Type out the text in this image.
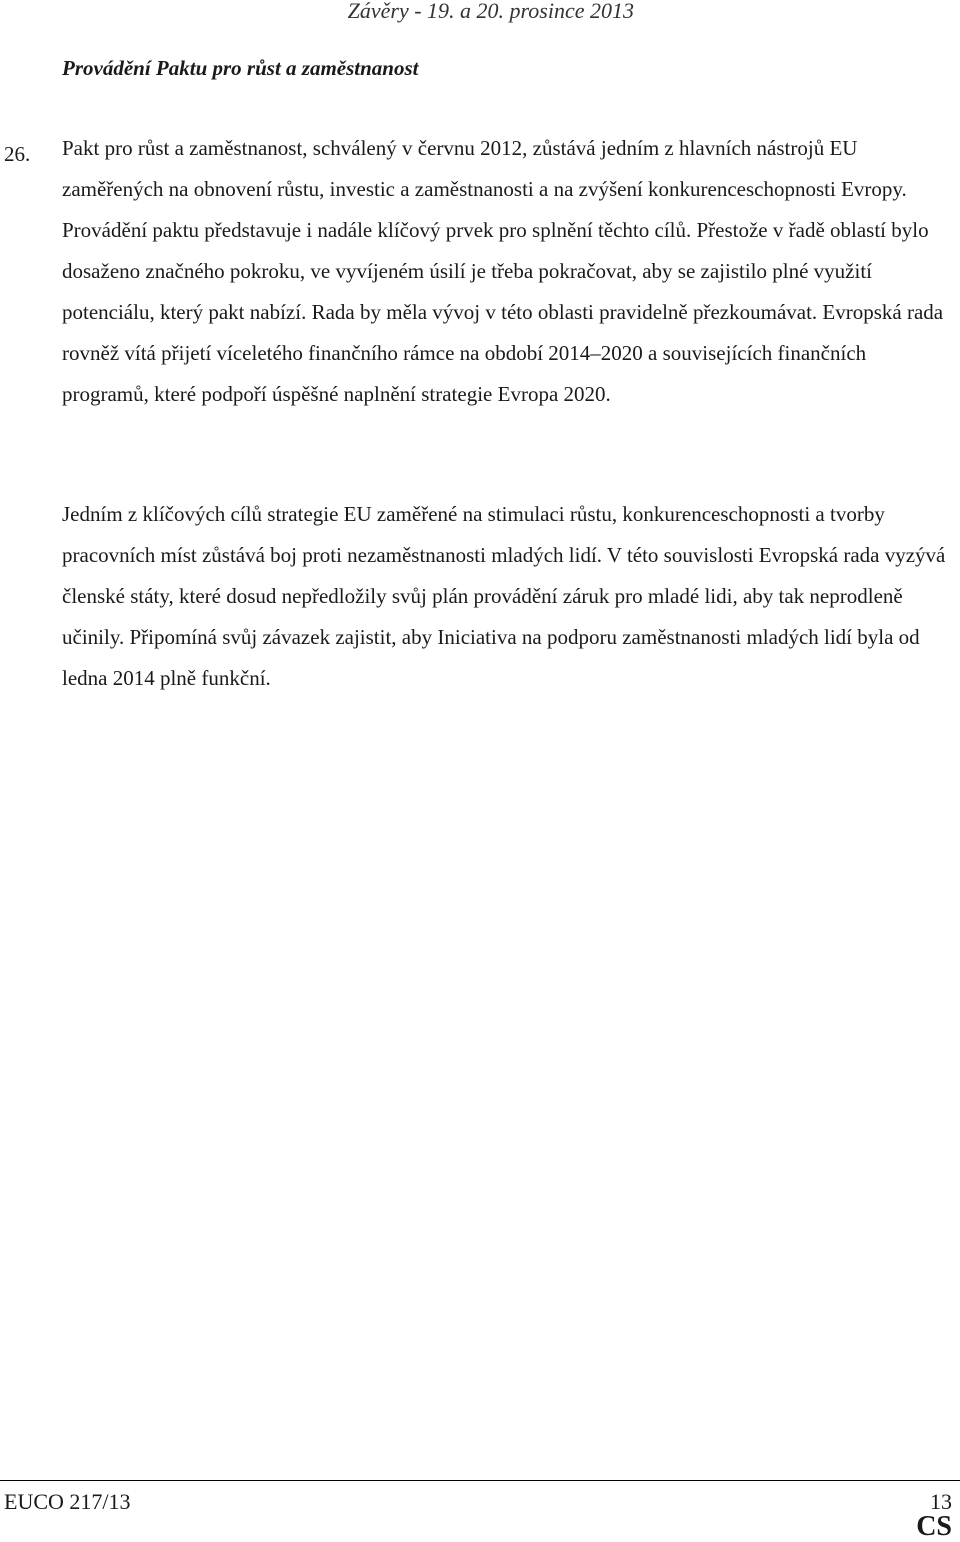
Závěry - 19. a 20. prosince 2013
Provádění Paktu pro růst a zaměstnanost
26. Pakt pro růst a zaměstnanost, schválený v červnu 2012, zůstává jedním z hlavních nástrojů EU zaměřených na obnovení růstu, investic a zaměstnanosti a na zvýšení konkurenceschopnosti Evropy. Provádění paktu představuje i nadále klíčový prvek pro splnění těchto cílů. Přestože v řadě oblastí bylo dosaženo značného pokroku, ve vyvíjeném úsilí je třeba pokračovat, aby se zajistilo plné využití potenciálu, který pakt nabízí. Rada by měla vývoj v této oblasti pravidelně přezkoumávat. Evropská rada rovněž vítá přijetí víceletého finančního rámce na období 2014–2020 a souvisejících finančních programů, které podpoří úspěšné naplnění strategie Evropa 2020.

Jedním z klíčových cílů strategie EU zaměřené na stimulaci růstu, konkurenceschopnosti a tvorby pracovních míst zůstává boj proti nezaměstnanosti mladých lidí. V této souvislosti Evropská rada vyzývá členské státy, které dosud nepředložily svůj plán provádění záruk pro mladé lidi, aby tak neprodleně učinily. Připomíná svůj závazek zajistit, aby Iniciativa na podporu zaměstnanosti mladých lidí byla od ledna 2014 plně funkční.

EUCO 217/13	13
CS
